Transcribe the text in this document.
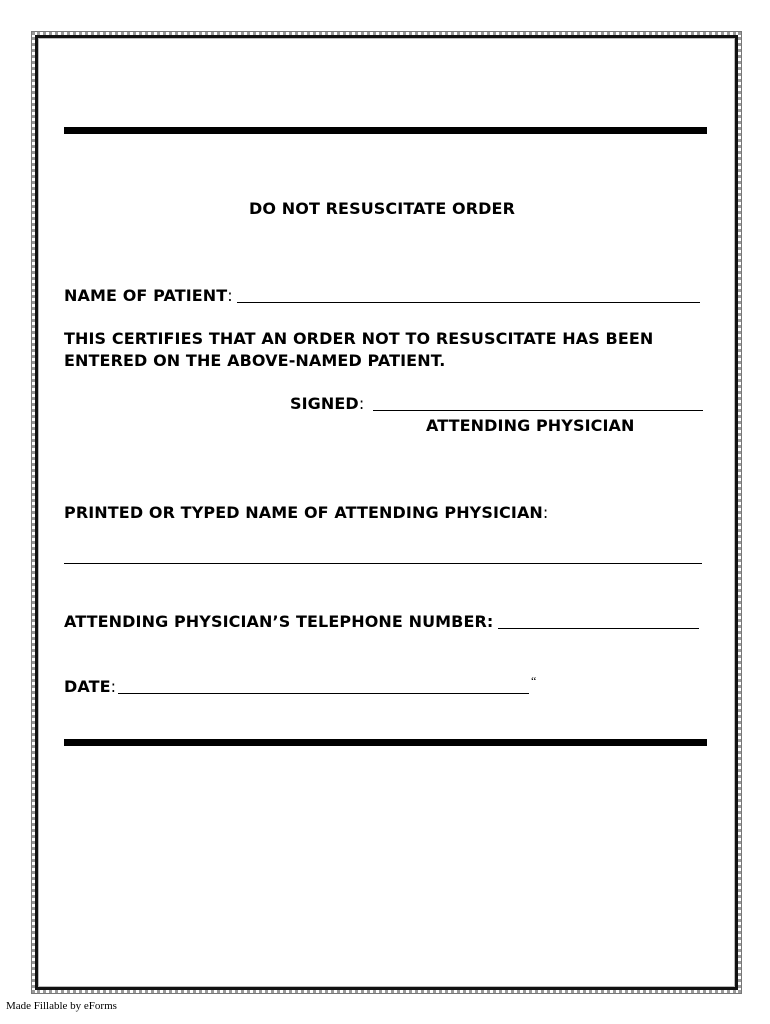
DO NOT RESUSCITATE ORDER
NAME OF PATIENT:
THIS CERTIFIES THAT AN ORDER NOT TO RESUSCITATE HAS BEEN
ENTERED ON THE ABOVE-NAMED PATIENT.
SIGNED:
ATTENDING PHYSICIAN
PRINTED OR TYPED NAME OF ATTENDING PHYSICIAN:
ATTENDING PHYSICIAN’S TELEPHONE NUMBER:
DATE:	“
Made Fillable by eForms
